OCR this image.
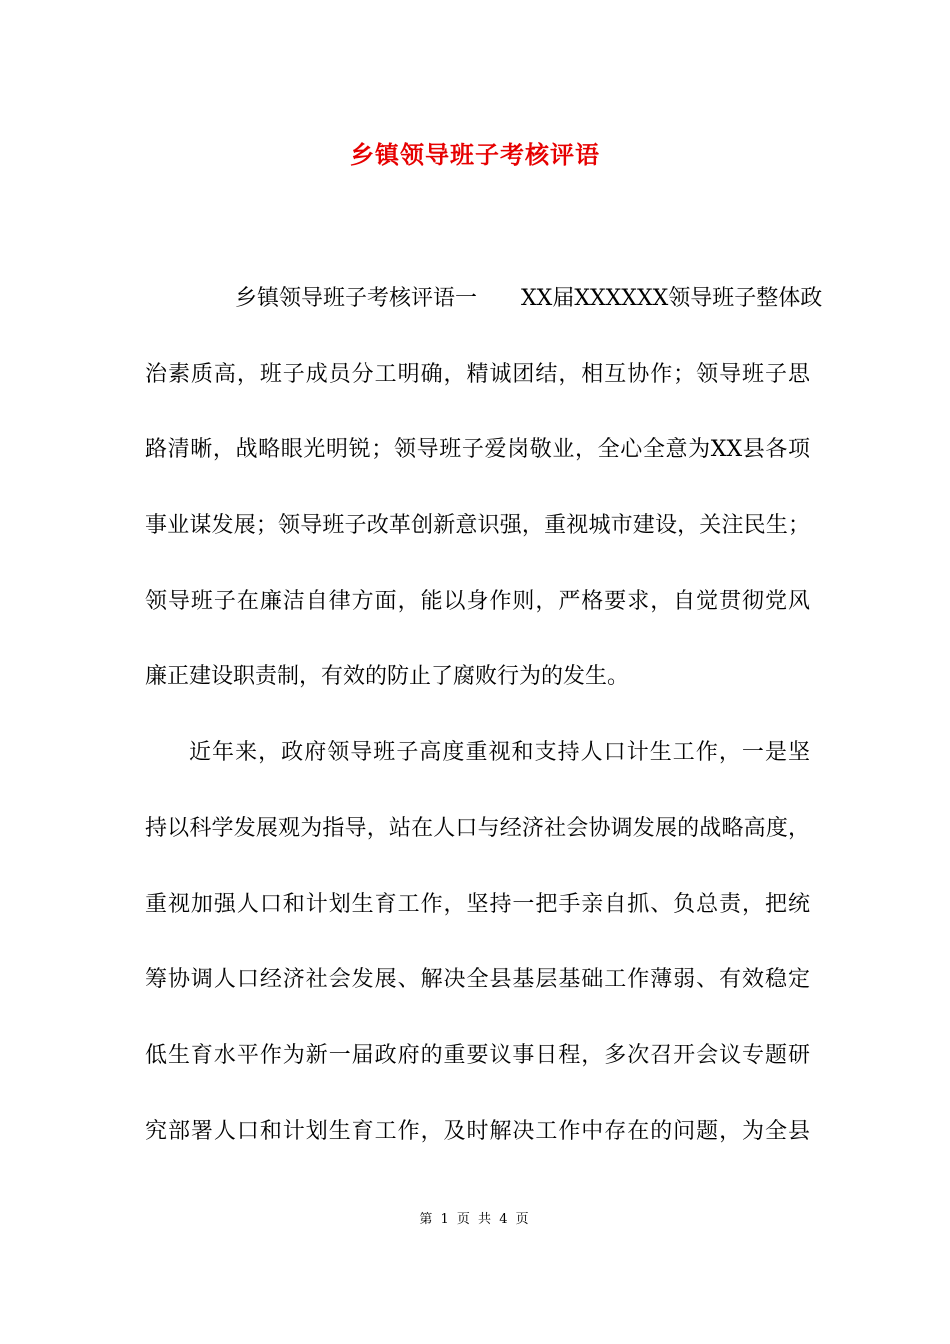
乡镇领导班子考核评语
乡镇领导班子考核评语一　　XX届XXXXXX领导班子整体政
治素质高，班子成员分工明确，精诚团结，相互协作；领导班子思
路清晰，战略眼光明锐；领导班子爱岗敬业，全心全意为XX县各项
事业谋发展；领导班子改革创新意识强，重视城市建设，关注民生；
领导班子在廉洁自律方面，能以身作则，严格要求，自觉贯彻党风
廉正建设职责制，有效的防止了腐败行为的发生。
近年来，政府领导班子高度重视和支持人口计生工作，一是坚
持以科学发展观为指导，站在人口与经济社会协调发展的战略高度，
重视加强人口和计划生育工作，坚持一把手亲自抓、负总责，把统
筹协调人口经济社会发展、解决全县基层基础工作薄弱、有效稳定
低生育水平作为新一届政府的重要议事日程，多次召开会议专题研
究部署人口和计划生育工作，及时解决工作中存在的问题，为全县
第 1 页 共 4 页
